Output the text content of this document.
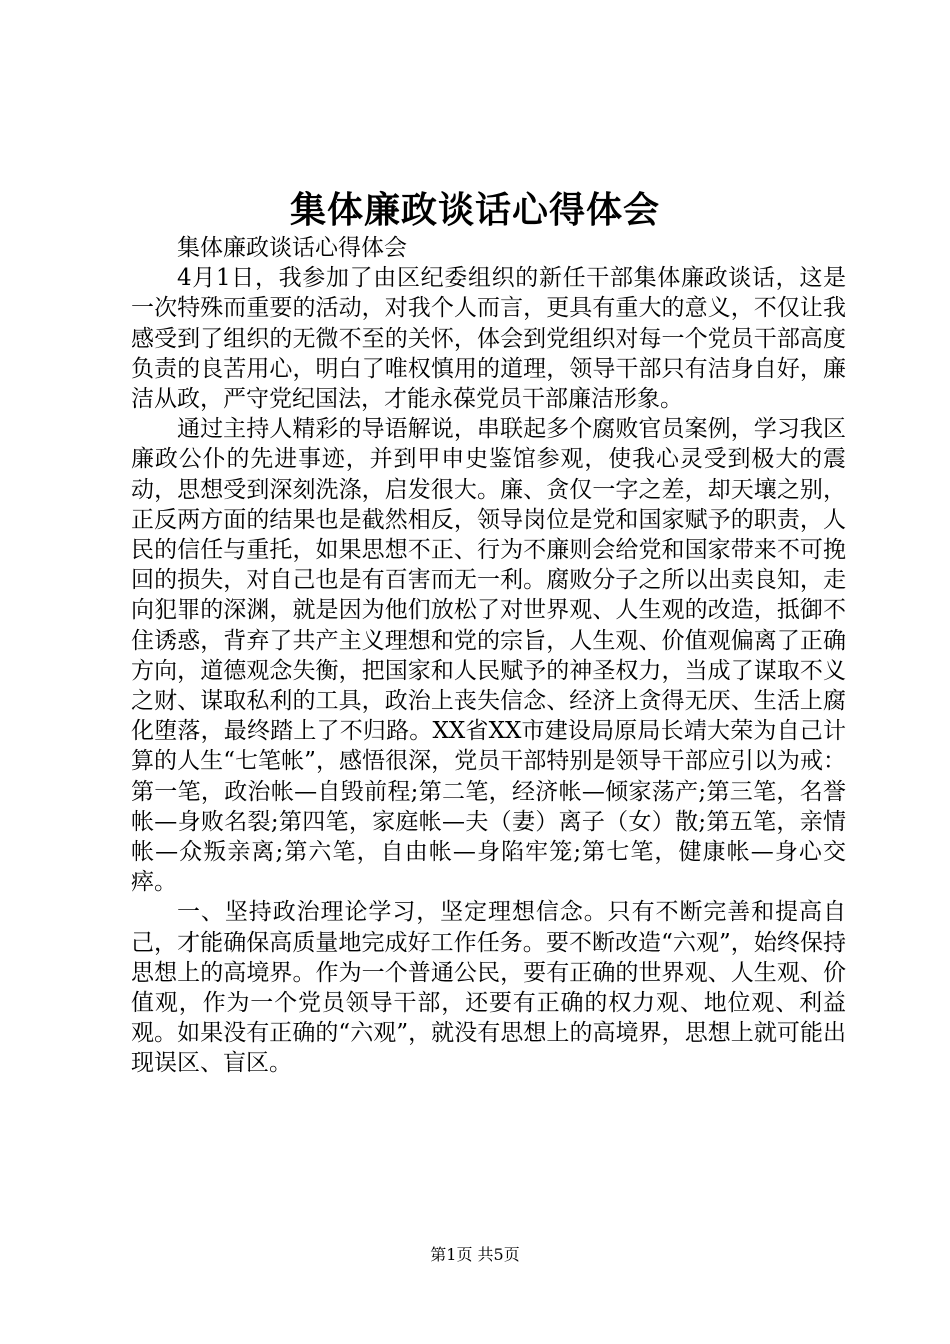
集体廉政谈话心得体会

集体廉政谈话心得体会

4月1日，我参加了由区纪委组织的新任干部集体廉政谈话，这是一次特殊而重要的活动，对我个人而言，更具有重大的意义，不仅让我感受到了组织的无微不至的关怀，体会到党组织对每一个党员干部高度负责的良苦用心，明白了唯权慎用的道理，领导干部只有洁身自好，廉洁从政，严守党纪国法，才能永葆党员干部廉洁形象。

通过主持人精彩的导语解说，串联起多个腐败官员案例，学习我区廉政公仆的先进事迹，并到甲申史鉴馆参观，使我心灵受到极大的震动，思想受到深刻洗涤，启发很大。廉、贪仅一字之差，却天壤之别，正反两方面的结果也是截然相反，领导岗位是党和国家赋予的职责，人民的信任与重托，如果思想不正、行为不廉则会给党和国家带来不可挽回的损失，对自己也是有百害而无一利。腐败分子之所以出卖良知，走向犯罪的深渊，就是因为他们放松了对世界观、人生观的改造，抵御不住诱惑，背弃了共产主义理想和党的宗旨，人生观、价值观偏离了正确方向，道德观念失衡，把国家和人民赋予的神圣权力，当成了谋取不义之财、谋取私利的工具，政治上丧失信念、经济上贪得无厌、生活上腐化堕落，最终踏上了不归路。XX省XX市建设局原局长靖大荣为自己计算的人生“七笔帐”，感悟很深，党员干部特别是领导干部应引以为戒：第一笔，政治帐—自毁前程;第二笔，经济帐—倾家荡产;第三笔，名誉帐—身败名裂;第四笔，家庭帐—夫（妻）离子（女）散;第五笔，亲情帐—众叛亲离;第六笔，自由帐—身陷牢笼;第七笔，健康帐—身心交瘁。

一、坚持政治理论学习，坚定理想信念。只有不断完善和提高自己，才能确保高质量地完成好工作任务。要不断改造“六观”，始终保持思想上的高境界。作为一个普通公民，要有正确的世界观、人生观、价值观，作为一个党员领导干部，还要有正确的权力观、地位观、利益观。如果没有正确的“六观”，就没有思想上的高境界，思想上就可能出现误区、盲区。

第1页 共5页
